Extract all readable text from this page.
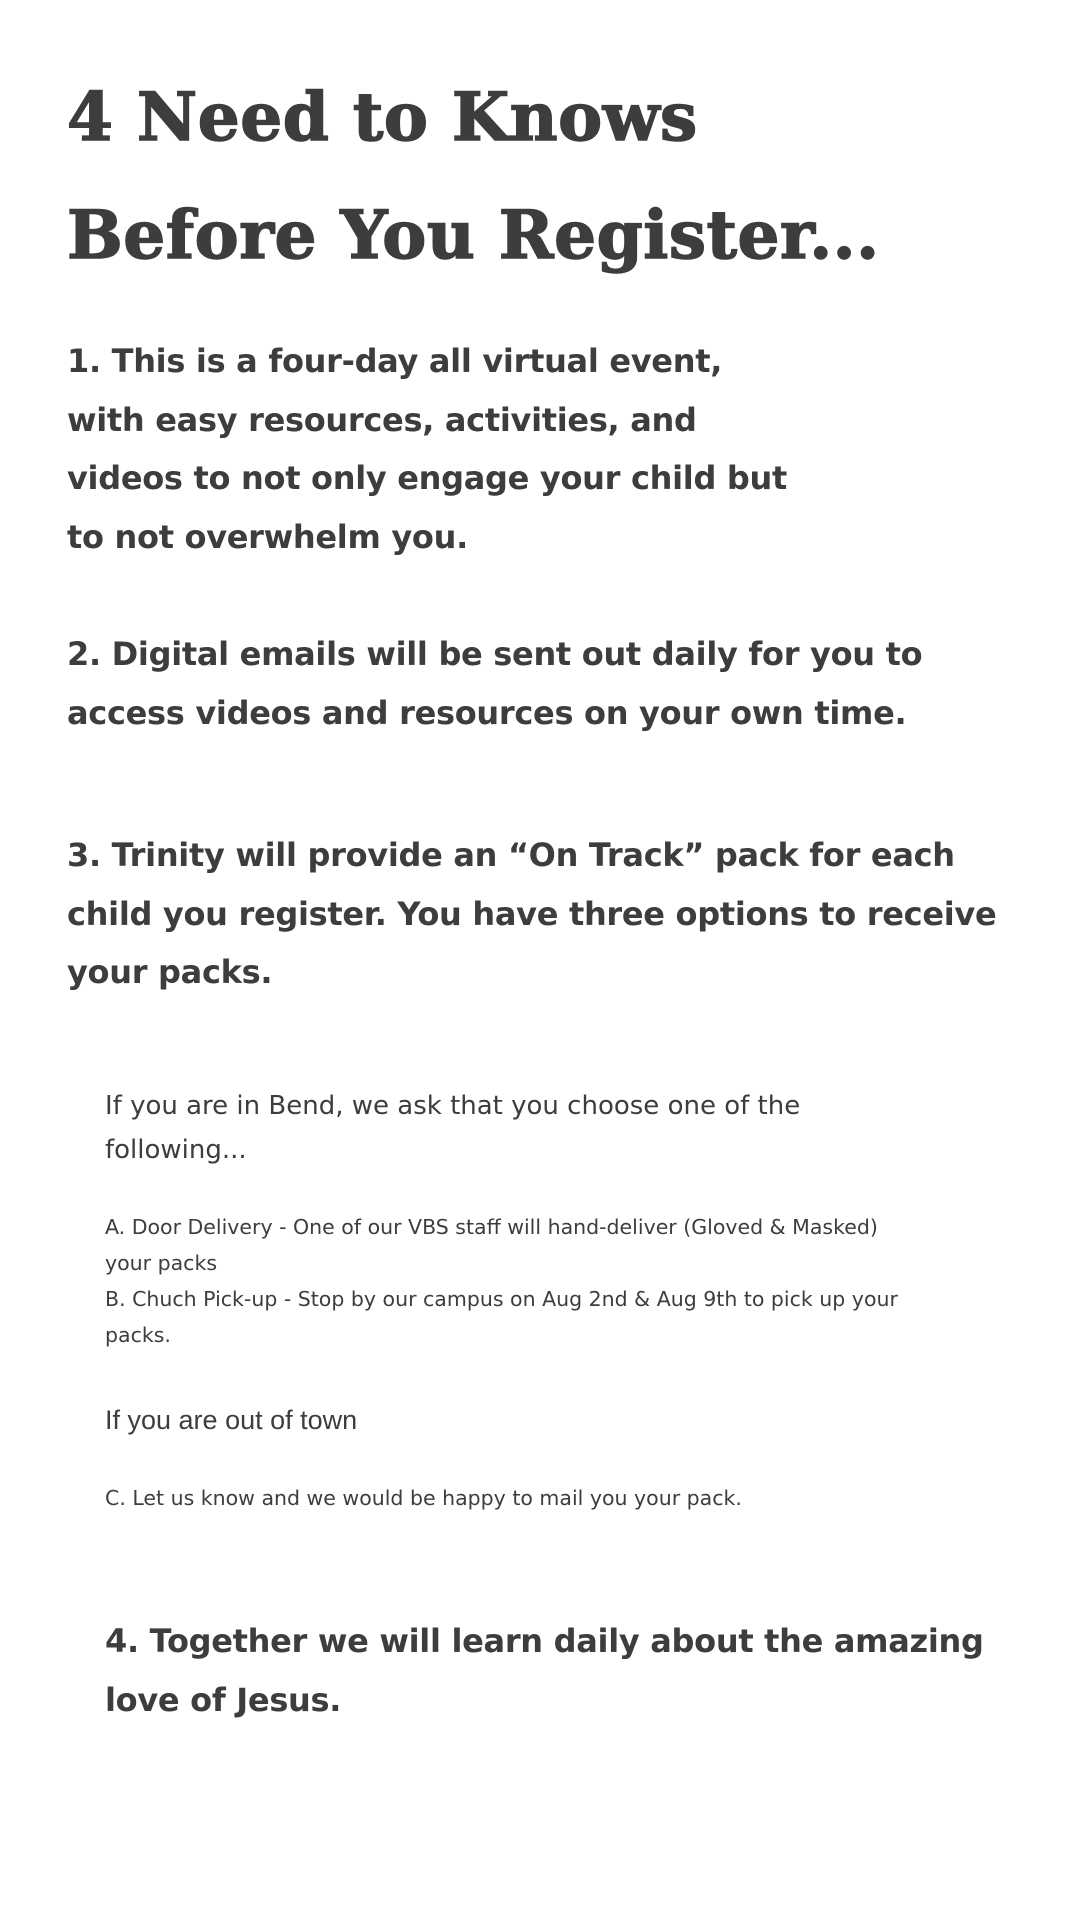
4 Need to Knows
Before You Register...
1. This is a four-day all virtual event,
with easy resources, activities, and
videos to not only engage your child but
to not overwhelm you.
2. Digital emails will be sent out daily for you to
access videos and resources on your own time.
3. Trinity will provide an “On Track” pack for each
child you register. You have three options to receive
your packs.
If you are in Bend, we ask that you choose one of the
following...
A. Door Delivery - One of our VBS staff will hand-deliver (Gloved & Masked)
your packs
B. Chuch Pick-up - Stop by our campus on Aug 2nd & Aug 9th to pick up your
packs.
If you are out of town
C. Let us know and we would be happy to mail you your pack.
4. Together we will learn daily about the amazing
love of Jesus.
